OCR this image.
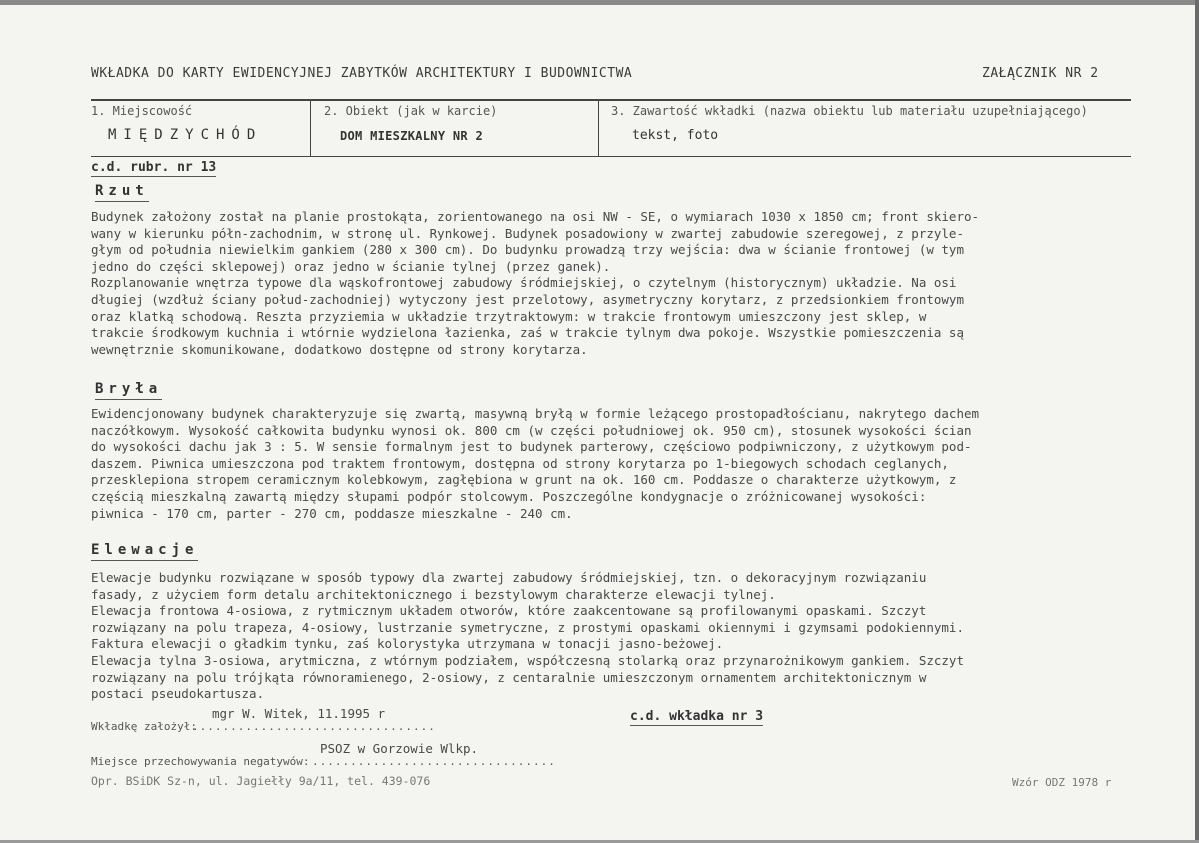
WKŁADKA DO KARTY EWIDENCYJNEJ ZABYTKÓW ARCHITEKTURY I BUDOWNICTWA	ZAŁĄCZNIK NR 2
1. Miejscowość
MIĘDZYCHÓD
2. Obiekt (jak w karcie)
DOM MIESZKALNY NR 2
3. Zawartość wkładki (nazwa obiektu lub materiału uzupełniającego)
tekst, foto
c.d. rubr. nr 13
Rzut
Budynek założony został na planie prostokąta, zorientowanego na osi NW - SE, o wymiarach 1030 x 1850 cm; front skiero-
wany w kierunku półn-zachodnim, w stronę ul. Rynkowej. Budynek posadowiony w zwartej zabudowie szeregowej, z przyle-
głym od południa niewielkim gankiem (280 x 300 cm). Do budynku prowadzą trzy wejścia: dwa w ścianie frontowej (w tym
jedno do części sklepowej) oraz jedno w ścianie tylnej (przez ganek).
Rozplanowanie wnętrza typowe dla wąskofrontowej zabudowy śródmiejskiej, o czytelnym (historycznym) układzie. Na osi
długiej (wzdłuż ściany połud-zachodniej) wytyczony jest przelotowy, asymetryczny korytarz, z przedsionkiem frontowym
oraz klatką schodową. Reszta przyziemia w układzie trzytraktowym: w trakcie frontowym umieszczony jest sklep, w
trakcie środkowym kuchnia i wtórnie wydzielona łazienka, zaś w trakcie tylnym dwa pokoje. Wszystkie pomieszczenia są
wewnętrznie skomunikowane, dodatkowo dostępne od strony korytarza.
Bryła
Ewidencjonowany budynek charakteryzuje się zwartą, masywną bryłą w formie leżącego prostopadłościanu, nakrytego dachem
naczółkowym. Wysokość całkowita budynku wynosi ok. 800 cm (w części południowej ok. 950 cm), stosunek wysokości ścian
do wysokości dachu jak 3 : 5. W sensie formalnym jest to budynek parterowy, częściowo podpiwniczony, z użytkowym pod-
daszem. Piwnica umieszczona pod traktem frontowym, dostępna od strony korytarza po 1-biegowych schodach ceglanych,
przesklepiona stropem ceramicznym kolebkowym, zagłębiona w grunt na ok. 160 cm. Poddasze o charakterze użytkowym, z
częścią mieszkalną zawartą między słupami podpór stolcowym. Poszczególne kondygnacje o zróżnicowanej wysokości:
piwnica - 170 cm, parter - 270 cm, poddasze mieszkalne - 240 cm.
Elewacje
Elewacje budynku rozwiązane w sposób typowy dla zwartej zabudowy śródmiejskiej, tzn. o dekoracyjnym rozwiązaniu
fasady, z użyciem form detalu architektonicznego i bezstylowym charakterze elewacji tylnej.
Elewacja frontowa 4-osiowa, z rytmicznym układem otworów, które zaakcentowane są profilowanymi opaskami. Szczyt
rozwiązany na polu trapeza, 4-osiowy, lustrzanie symetryczne, z prostymi opaskami okiennymi i gzymsami podokiennymi.
Faktura elewacji o gładkim tynku, zaś kolorystyka utrzymana w tonacji jasno-beżowej.
Elewacja tylna 3-osiowa, arytmiczna, z wtórnym podziałem, współczesną stolarką oraz przynarożnikowym gankiem. Szczyt
rozwiązany na polu trójkąta równoramienego, 2-osiowy, z centaralnie umieszczonym ornamentem architektonicznym w
postaci pseudokartusza.
mgr W. Witek, 11.1995 r
Wkładkę założył:
................................
c.d. wkładka nr 3
PSOZ w Gorzowie Wlkp.
Miejsce przechowywania negatywów: ................................
Opr. BSiDK Sz-n, ul. Jagiełły 9a/11, tel. 439-076	Wzór ODZ 1978 r
